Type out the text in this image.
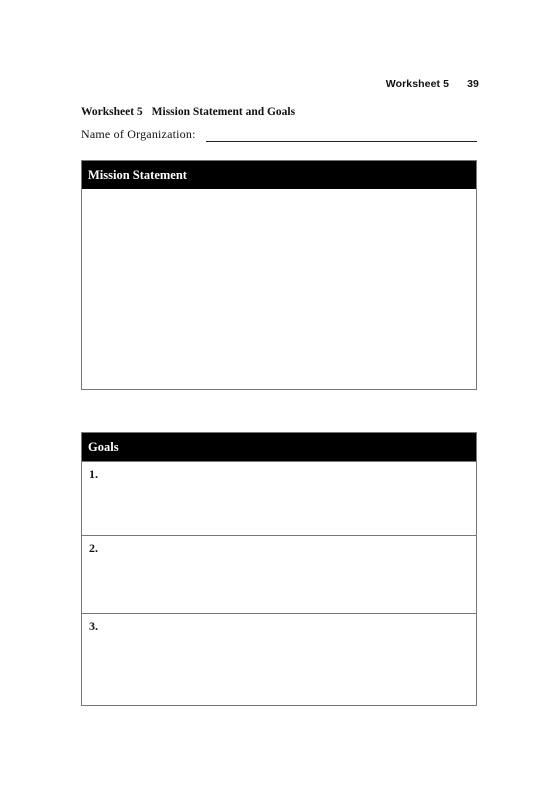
Worksheet 5 39
Worksheet 5 Mission Statement and Goals
Name of Organization:
Mission Statement
Goals
1.
2.
3.
